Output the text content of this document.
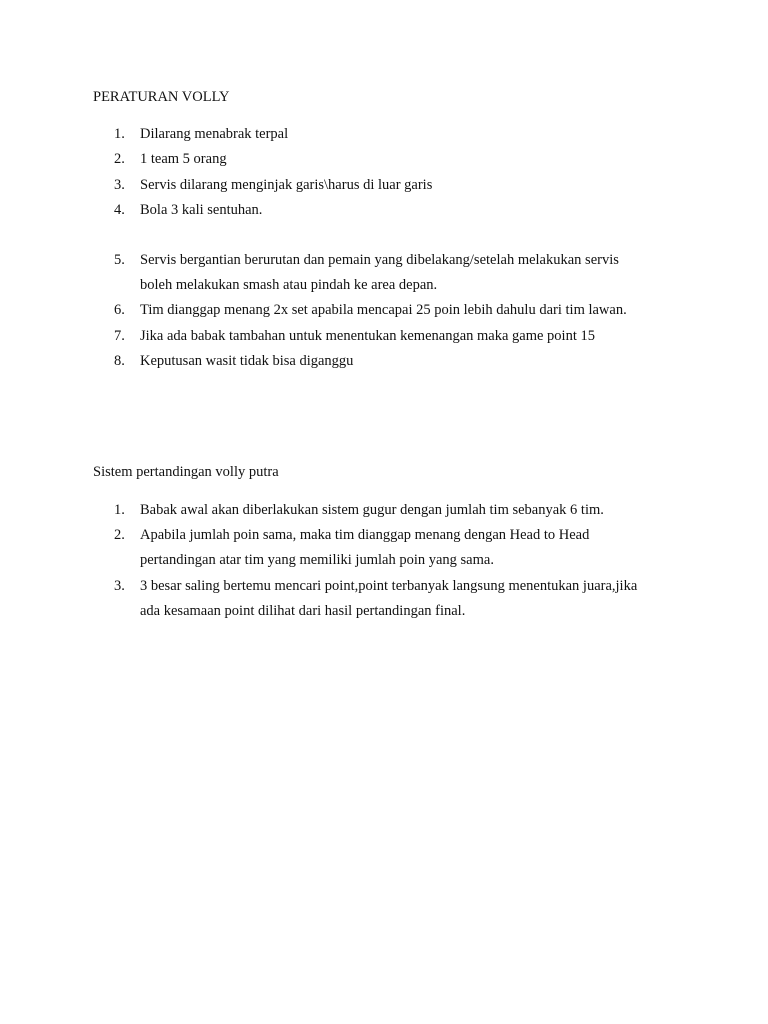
PERATURAN VOLLY
1.	Dilarang menabrak terpal
2.	1 team 5 orang
3.	Servis dilarang menginjak garis\harus di luar garis
4.	Bola 3 kali sentuhan.
5.	Servis bergantian berurutan dan pemain yang dibelakang/setelah melakukan servis
boleh melakukan smash atau pindah ke area depan.
6.	Tim dianggap menang 2x set apabila mencapai 25 poin lebih dahulu dari tim lawan.
7.	Jika ada babak tambahan untuk menentukan kemenangan maka game point 15
8.	Keputusan wasit tidak bisa diganggu
Sistem pertandingan volly putra
1.	Babak awal akan diberlakukan sistem gugur dengan jumlah tim sebanyak 6 tim.
2.	Apabila jumlah poin sama, maka tim dianggap menang dengan Head to Head
pertandingan atar tim yang memiliki jumlah poin yang sama.
3.	3 besar saling bertemu mencari point,point terbanyak langsung menentukan juara,jika
ada kesamaan point dilihat dari hasil pertandingan final.
